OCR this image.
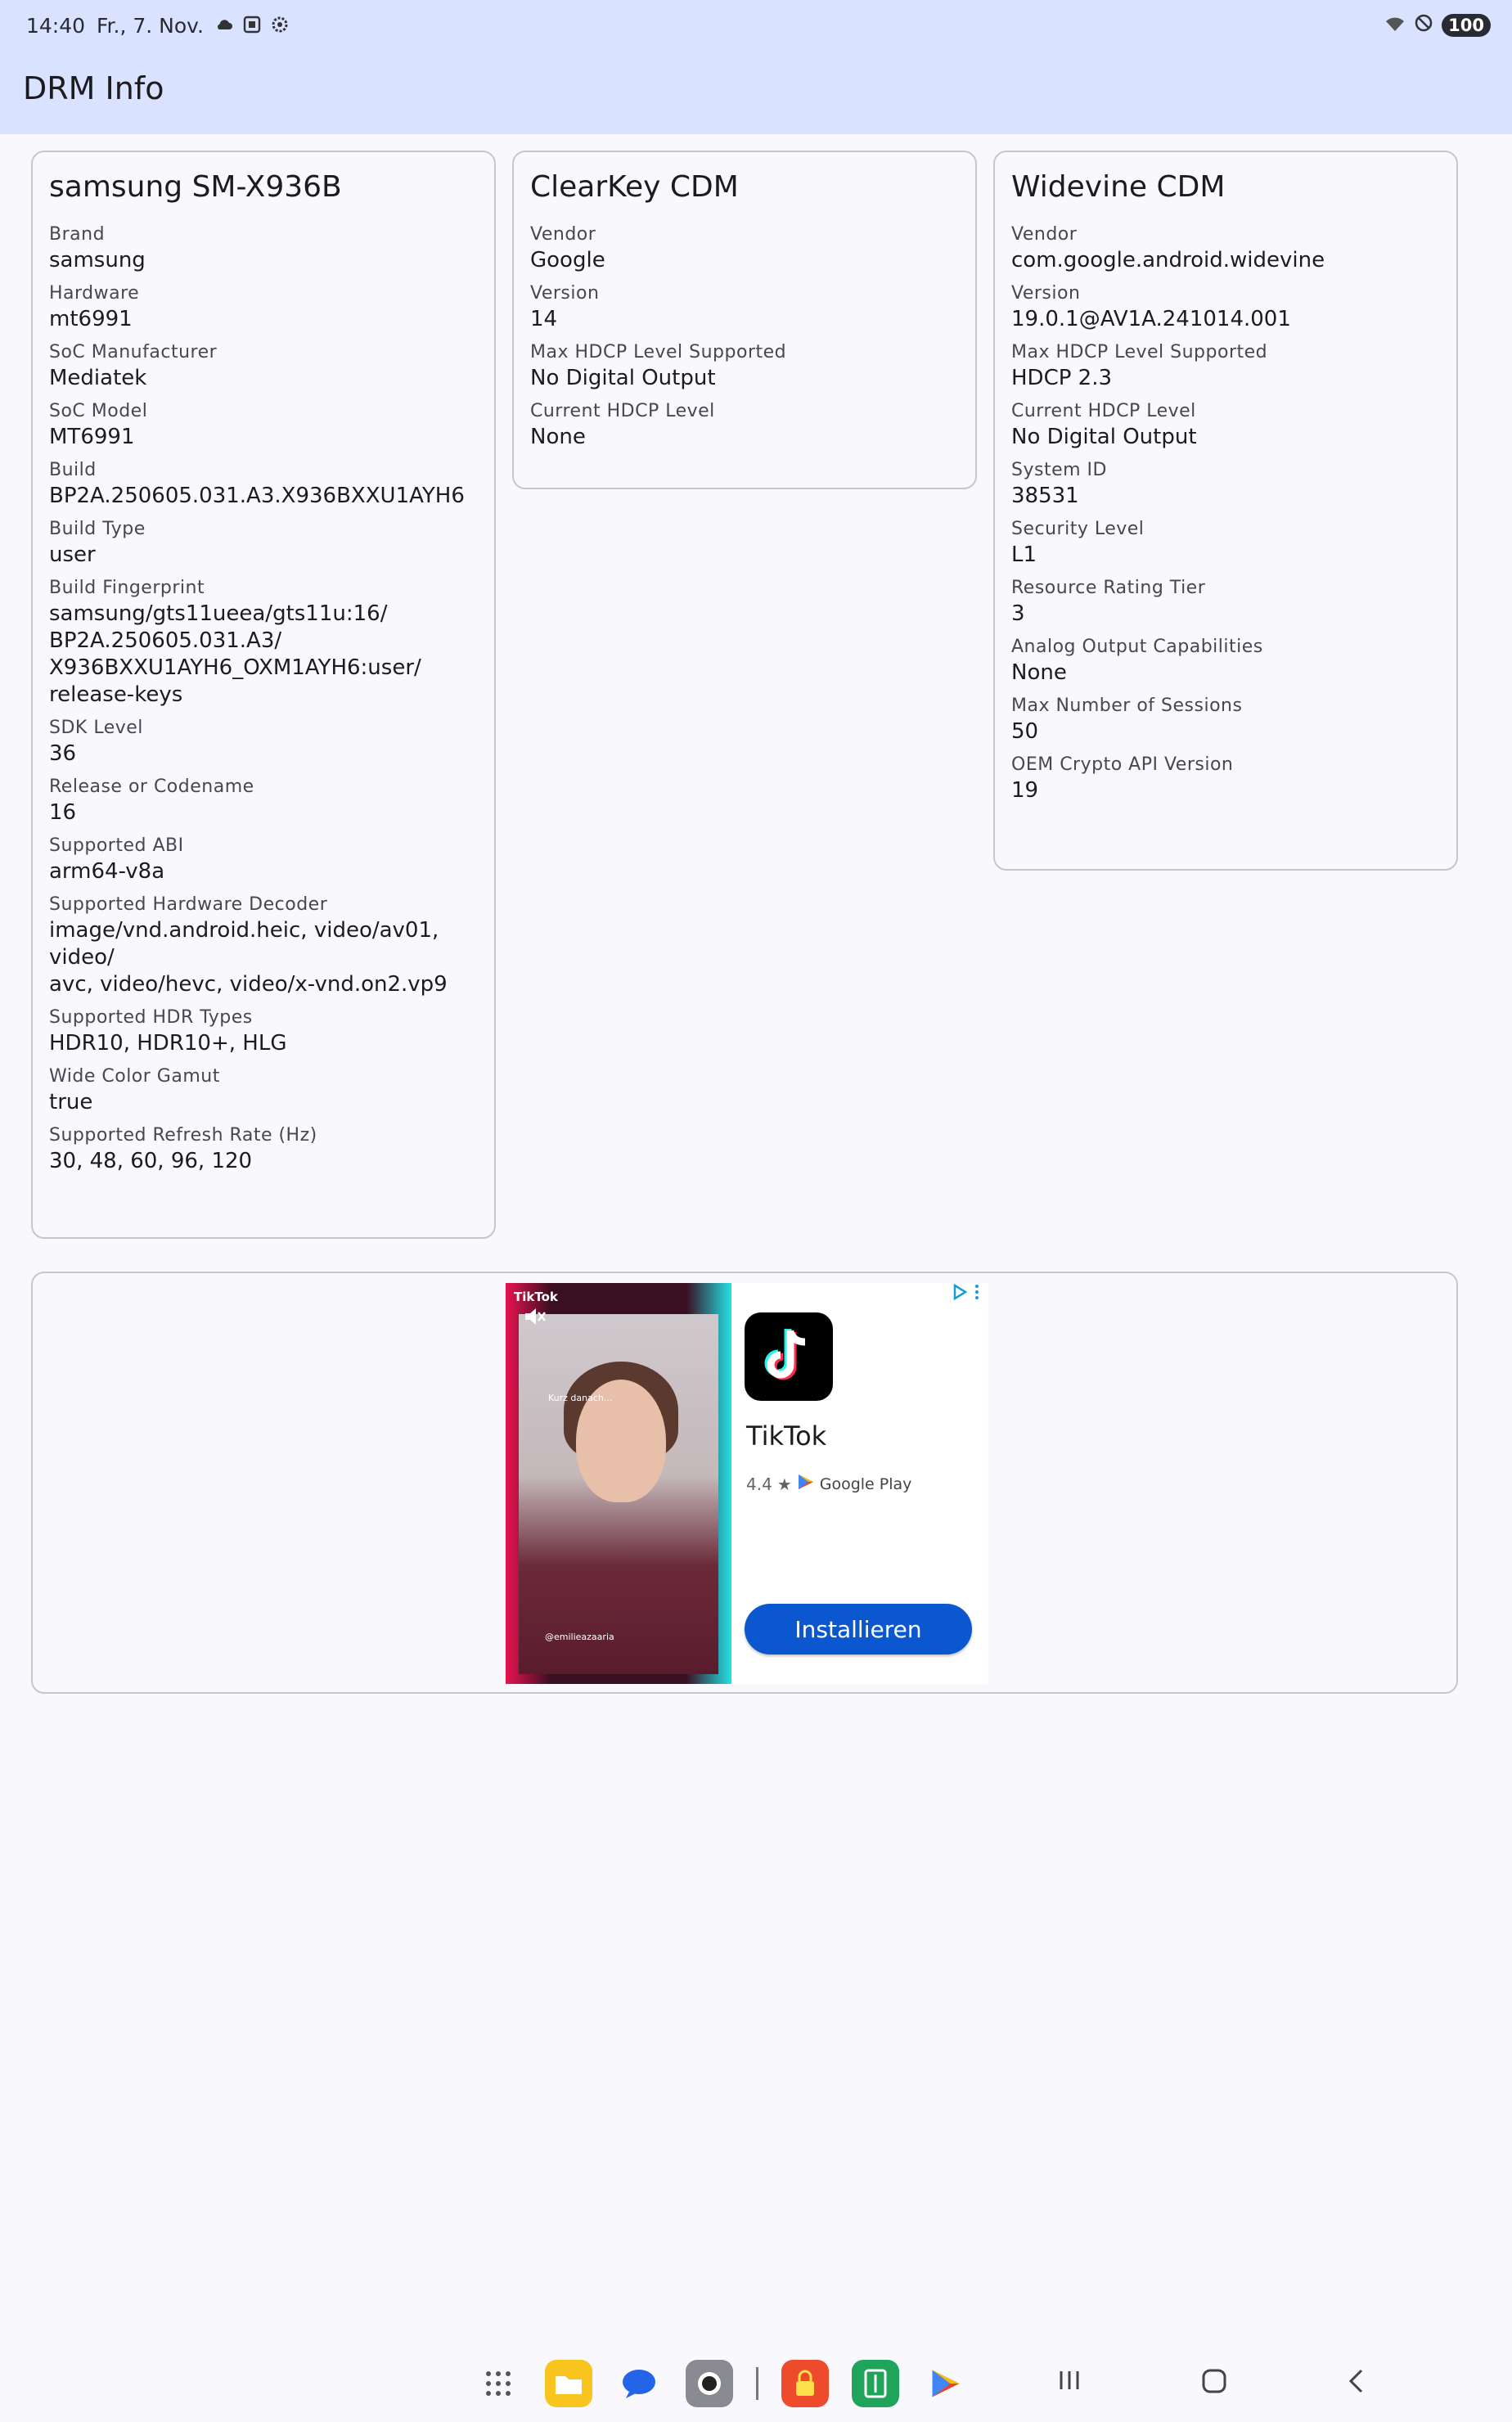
14:40 Fr., 7. Nov.	100
DRM Info
samsung SM-X936B
Brand
samsung
Hardware
mt6991
SoC Manufacturer
Mediatek
SoC Model
MT6991
Build
BP2A.250605.031.A3.X936BXXU1AYH6
Build Type
user
Build Fingerprint
samsung/gts11ueea/gts11u:16/
BP2A.250605.031.A3/
X936BXXU1AYH6_OXM1AYH6:user/
release-keys
SDK Level
36
Release or Codename
16
Supported ABI
arm64-v8a
Supported Hardware Decoder
image/vnd.android.heic, video/av01, video/
avc, video/hevc, video/x-vnd.on2.vp9
Supported HDR Types
HDR10, HDR10+, HLG
Wide Color Gamut
true
Supported Refresh Rate (Hz)
30, 48, 60, 96, 120
ClearKey CDM
Vendor
Google
Version
14
Max HDCP Level Supported
No Digital Output
Current HDCP Level
None
Widevine CDM
Vendor
com.google.android.widevine
Version
19.0.1@AV1A.241014.001
Max HDCP Level Supported
HDCP 2.3
Current HDCP Level
No Digital Output
System ID
38531
Security Level
L1
Resource Rating Tier
3
Analog Output Capabilities
None
Max Number of Sessions
50
OEM Crypto API Version
19
Kurz danach...
@emilieazaaria
TikTok
TikTok
4.4 ★ Google Play
Installieren
